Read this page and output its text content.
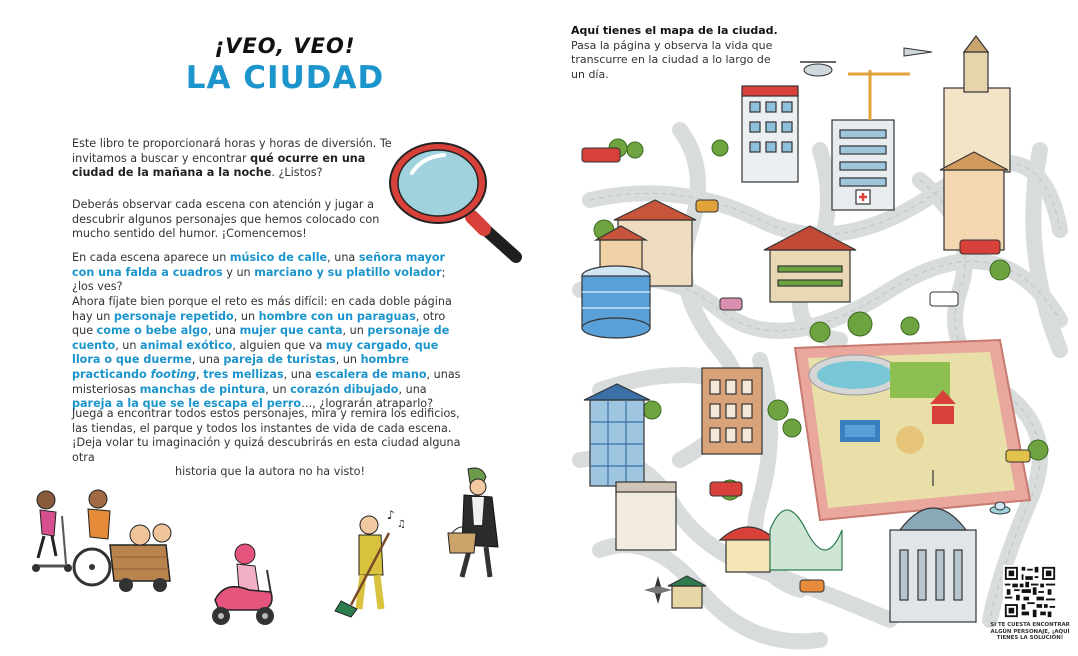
¡VEO, VEO!
LA CIUDAD
Este libro te proporcionará horas y horas de diversión. Te invitamos a buscar y encontrar qué ocurre en una ciudad de la mañana a la noche. ¿Listos?
Deberás observar cada escena con atención y jugar a descubrir algunos personajes que hemos colocado con mucho sentido del humor. ¡Comencemos!
En cada escena aparece un músico de calle, una señora mayor con una falda a cuadros y un marciano y su platillo volador; ¿los ves?
Ahora fíjate bien porque el reto es más difícil: en cada doble página hay un personaje repetido, un hombre con un paraguas, otro que come o bebe algo, una mujer que canta, un personaje de cuento, un animal exótico, alguien que va muy cargado, que llora o que duerme, una pareja de turistas, un hombre practicando footing, tres mellizas, una escalera de mano, unas misteriosas manchas de pintura, un corazón dibujado, una pareja a la que se le escapa el perro…, ¿lograrán atraparlo?
Juega a encontrar todos estos personajes, mira y remira los edificios, las tiendas, el parque y todos los instantes de vida de cada escena. ¡Deja volar tu imaginación y quizá descubrirás en esta ciudad alguna otra
historia que la autora no ha visto!
♪
♫
Aquí tienes el mapa de la ciudad.
Pasa la página y observa la vida que transcurre en la ciudad a lo largo de un día.
SI TE CUESTA ENCONTRAR ALGÚN PERSONAJE, ¡AQUÍ TIENES LA SOLUCIÓN!
